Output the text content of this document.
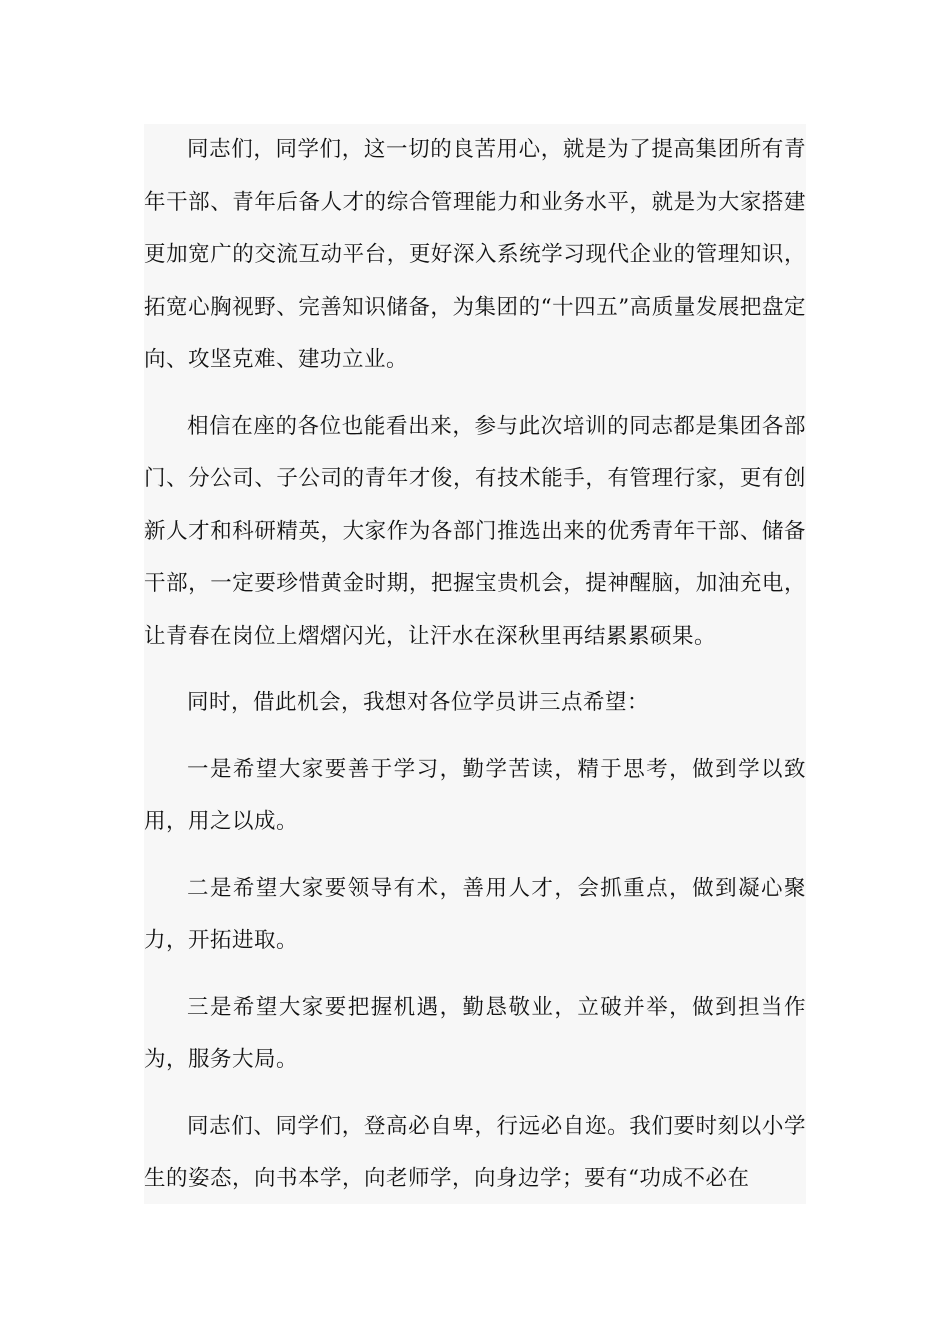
同志们，同学们，这一切的良苦用心，就是为了提高集团所有青年干部、青年后备人才的综合管理能力和业务水平，就是为大家搭建更加宽广的交流互动平台，更好深入系统学习现代企业的管理知识，拓宽心胸视野、完善知识储备，为集团的“十四五”高质量发展把盘定向、攻坚克难、建功立业。

相信在座的各位也能看出来，参与此次培训的同志都是集团各部门、分公司、子公司的青年才俊，有技术能手，有管理行家，更有创新人才和科研精英，大家作为各部门推选出来的优秀青年干部、储备干部，一定要珍惜黄金时期，把握宝贵机会，提神醒脑，加油充电，让青春在岗位上熠熠闪光，让汗水在深秋里再结累累硕果。

同时，借此机会，我想对各位学员讲三点希望：

一是希望大家要善于学习，勤学苦读，精于思考，做到学以致用，用之以成。

二是希望大家要领导有术，善用人才，会抓重点，做到凝心聚力，开拓进取。

三是希望大家要把握机遇，勤恳敬业，立破并举，做到担当作为，服务大局。

同志们、同学们，登高必自卑，行远必自迩。我们要时刻以小学生的姿态，向书本学，向老师学，向身边学；要有“功成不必在
